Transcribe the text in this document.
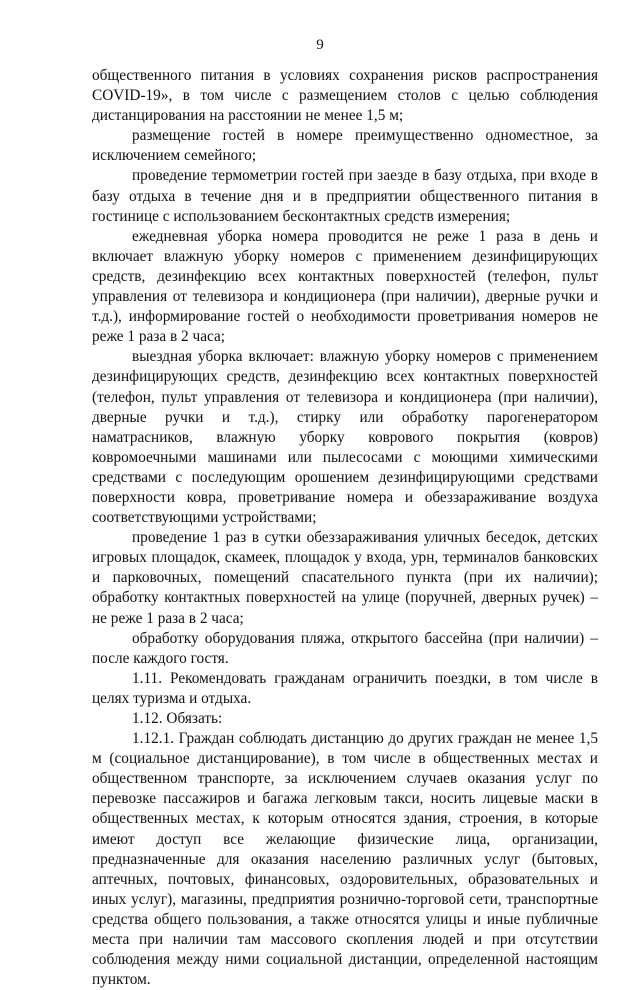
9

общественного питания в условиях сохранения рисков распространения COVID-19», в том числе с размещением столов с целью соблюдения дистанцирования на расстоянии не менее 1,5 м;

размещение гостей в номере преимущественно одноместное, за исключением семейного;

проведение термометрии гостей при заезде в базу отдыха, при входе в базу отдыха в течение дня и в предприятии общественного питания в гостинице с использованием бесконтактных средств измерения;

ежедневная уборка номера проводится не реже 1 раза в день и включает влажную уборку номеров с применением дезинфицирующих средств, дезинфекцию всех контактных поверхностей (телефон, пульт управления от телевизора и кондиционера (при наличии), дверные ручки и т.д.), информирование гостей о необходимости проветривания номеров не реже 1 раза в 2 часа;

выездная уборка включает: влажную уборку номеров с применением дезинфицирующих средств, дезинфекцию всех контактных поверхностей (телефон, пульт управления от телевизора и кондиционера (при наличии), дверные ручки и т.д.), стирку или обработку парогенератором наматрасников, влажную уборку коврового покрытия (ковров) ковромоечными машинами или пылесосами с моющими химическими средствами с последующим орошением дезинфицирующими средствами поверхности ковра, проветривание номера и обеззараживание воздуха соответствующими устройствами;

проведение 1 раз в сутки обеззараживания уличных беседок, детских игровых площадок, скамеек, площадок у входа, урн, терминалов банковских и парковочных, помещений спасательного пункта (при их наличии); обработку контактных поверхностей на улице (поручней, дверных ручек) – не реже 1 раза в 2 часа;

обработку оборудования пляжа, открытого бассейна (при наличии) – после каждого гостя.

1.11. Рекомендовать гражданам ограничить поездки, в том числе в целях туризма и отдыха.

1.12. Обязать:

1.12.1. Граждан соблюдать дистанцию до других граждан не менее 1,5 м (социальное дистанцирование), в том числе в общественных местах и общественном транспорте, за исключением случаев оказания услуг по перевозке пассажиров и багажа легковым такси, носить лицевые маски в общественных местах, к которым относятся здания, строения, в которые имеют доступ все желающие физические лица, организации, предназначенные для оказания населению различных услуг (бытовых, аптечных, почтовых, финансовых, оздоровительных, образовательных и иных услуг), магазины, предприятия розничнo-торговой сети, транспортные средства общего пользования, а также относятся улицы и иные публичные места при наличии там массового скопления людей и при отсутствии соблюдения между ними социальной дистанции, определенной настоящим пунктом.
